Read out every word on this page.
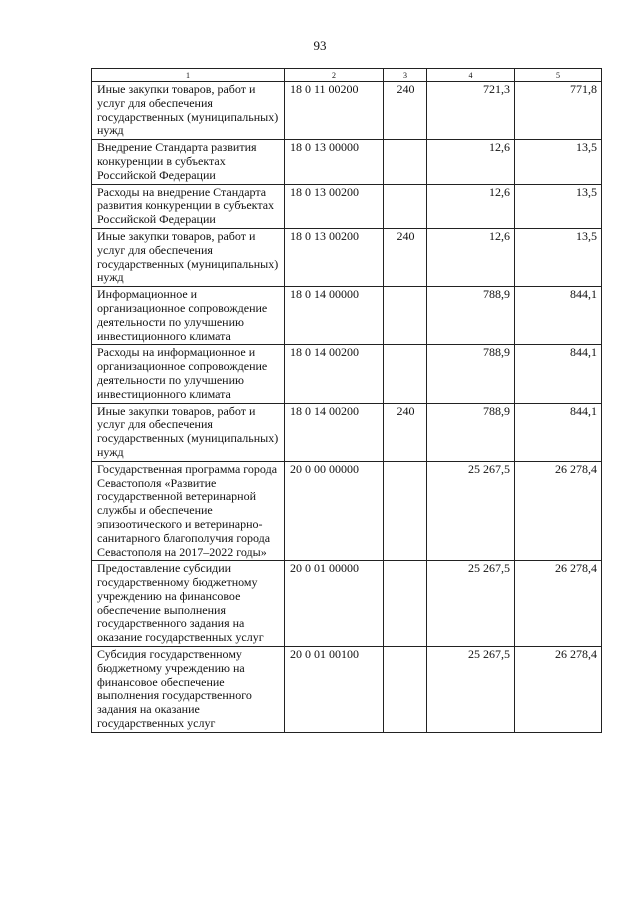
93
1	2	3	4	5
Иные закупки товаров, работ и услуг для обеспечения государственных (муниципальных) нужд	18 0 11 00200	240	721,3	771,8
Внедрение Стандарта развития конкуренции в субъектах Российской Федерации	18 0 13 00000		12,6	13,5
Расходы на внедрение Стандарта развития конкуренции в субъектах Российской Федерации	18 0 13 00200		12,6	13,5
Иные закупки товаров, работ и услуг для обеспечения государственных (муниципальных) нужд	18 0 13 00200	240	12,6	13,5
Информационное и организационное сопровождение деятельности по улучшению инвестиционного климата	18 0 14 00000		788,9	844,1
Расходы на информационное и организационное сопровождение деятельности по улучшению инвестиционного климата	18 0 14 00200		788,9	844,1
Иные закупки товаров, работ и услуг для обеспечения государственных (муниципальных) нужд	18 0 14 00200	240	788,9	844,1
Государственная программа города Севастополя «Развитие государственной ветеринарной службы и обеспечение эпизоотического и ветеринарно-санитарного благополучия города Севастополя на 2017–2022 годы»	20 0 00 00000		25 267,5	26 278,4
Предоставление субсидии государственному бюджетному учреждению на финансовое обеспечение выполнения государственного задания на оказание государственных услуг	20 0 01 00000		25 267,5	26 278,4
Субсидия государственному бюджетному учреждению на финансовое обеспечение выполнения государственного задания на оказание государственных услуг	20 0 01 00100		25 267,5	26 278,4
